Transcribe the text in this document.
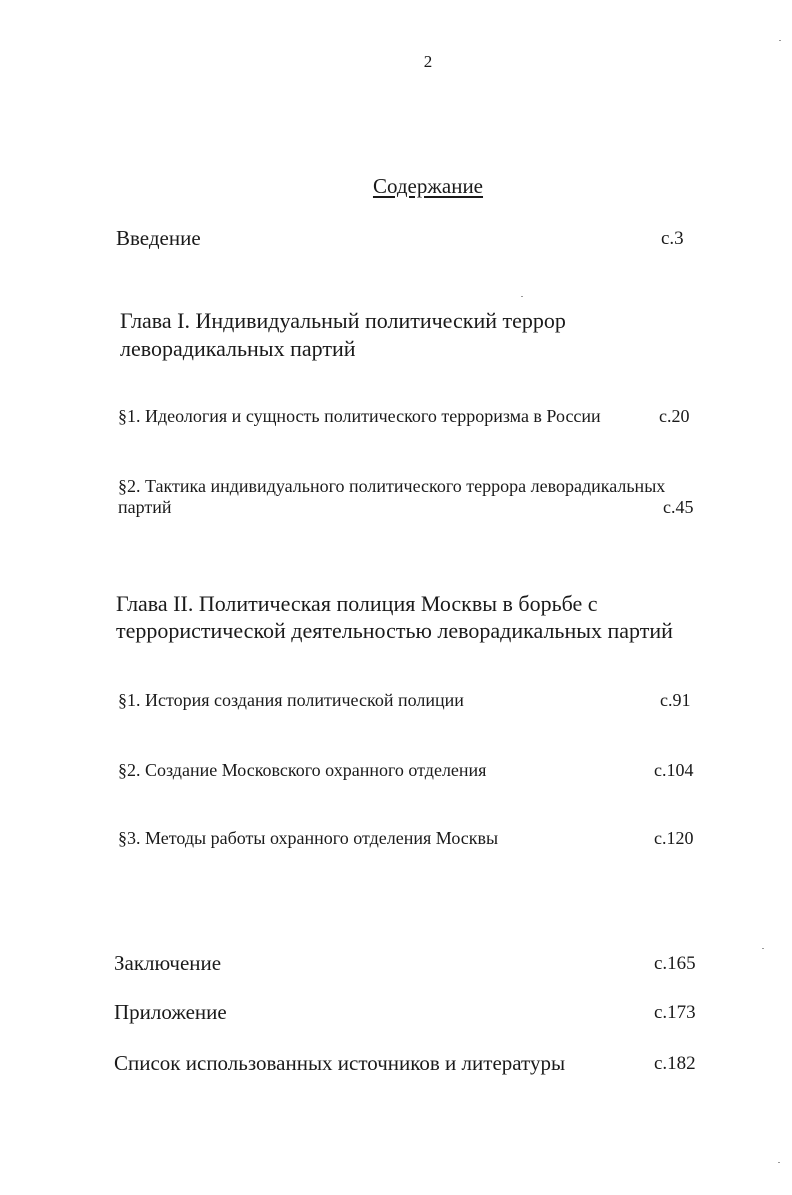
2
Содержание
Введение	с.3
Глава I. Индивидуальный политический террор
леворадикальных партий
§1. Идеология и сущность политического терроризма в России	с.20
§2. Тактика индивидуального политического террора леворадикальных
партий	с.45
Глава II. Политическая полиция Москвы в борьбе с
террористической деятельностью леворадикальных партий
§1. История создания политической полиции	с.91
§2. Создание Московского охранного отделения	с.104
§3. Методы работы охранного отделения Москвы	с.120
Заключение	с.165
Приложение	с.173
Список использованных источников и литературы	с.182
